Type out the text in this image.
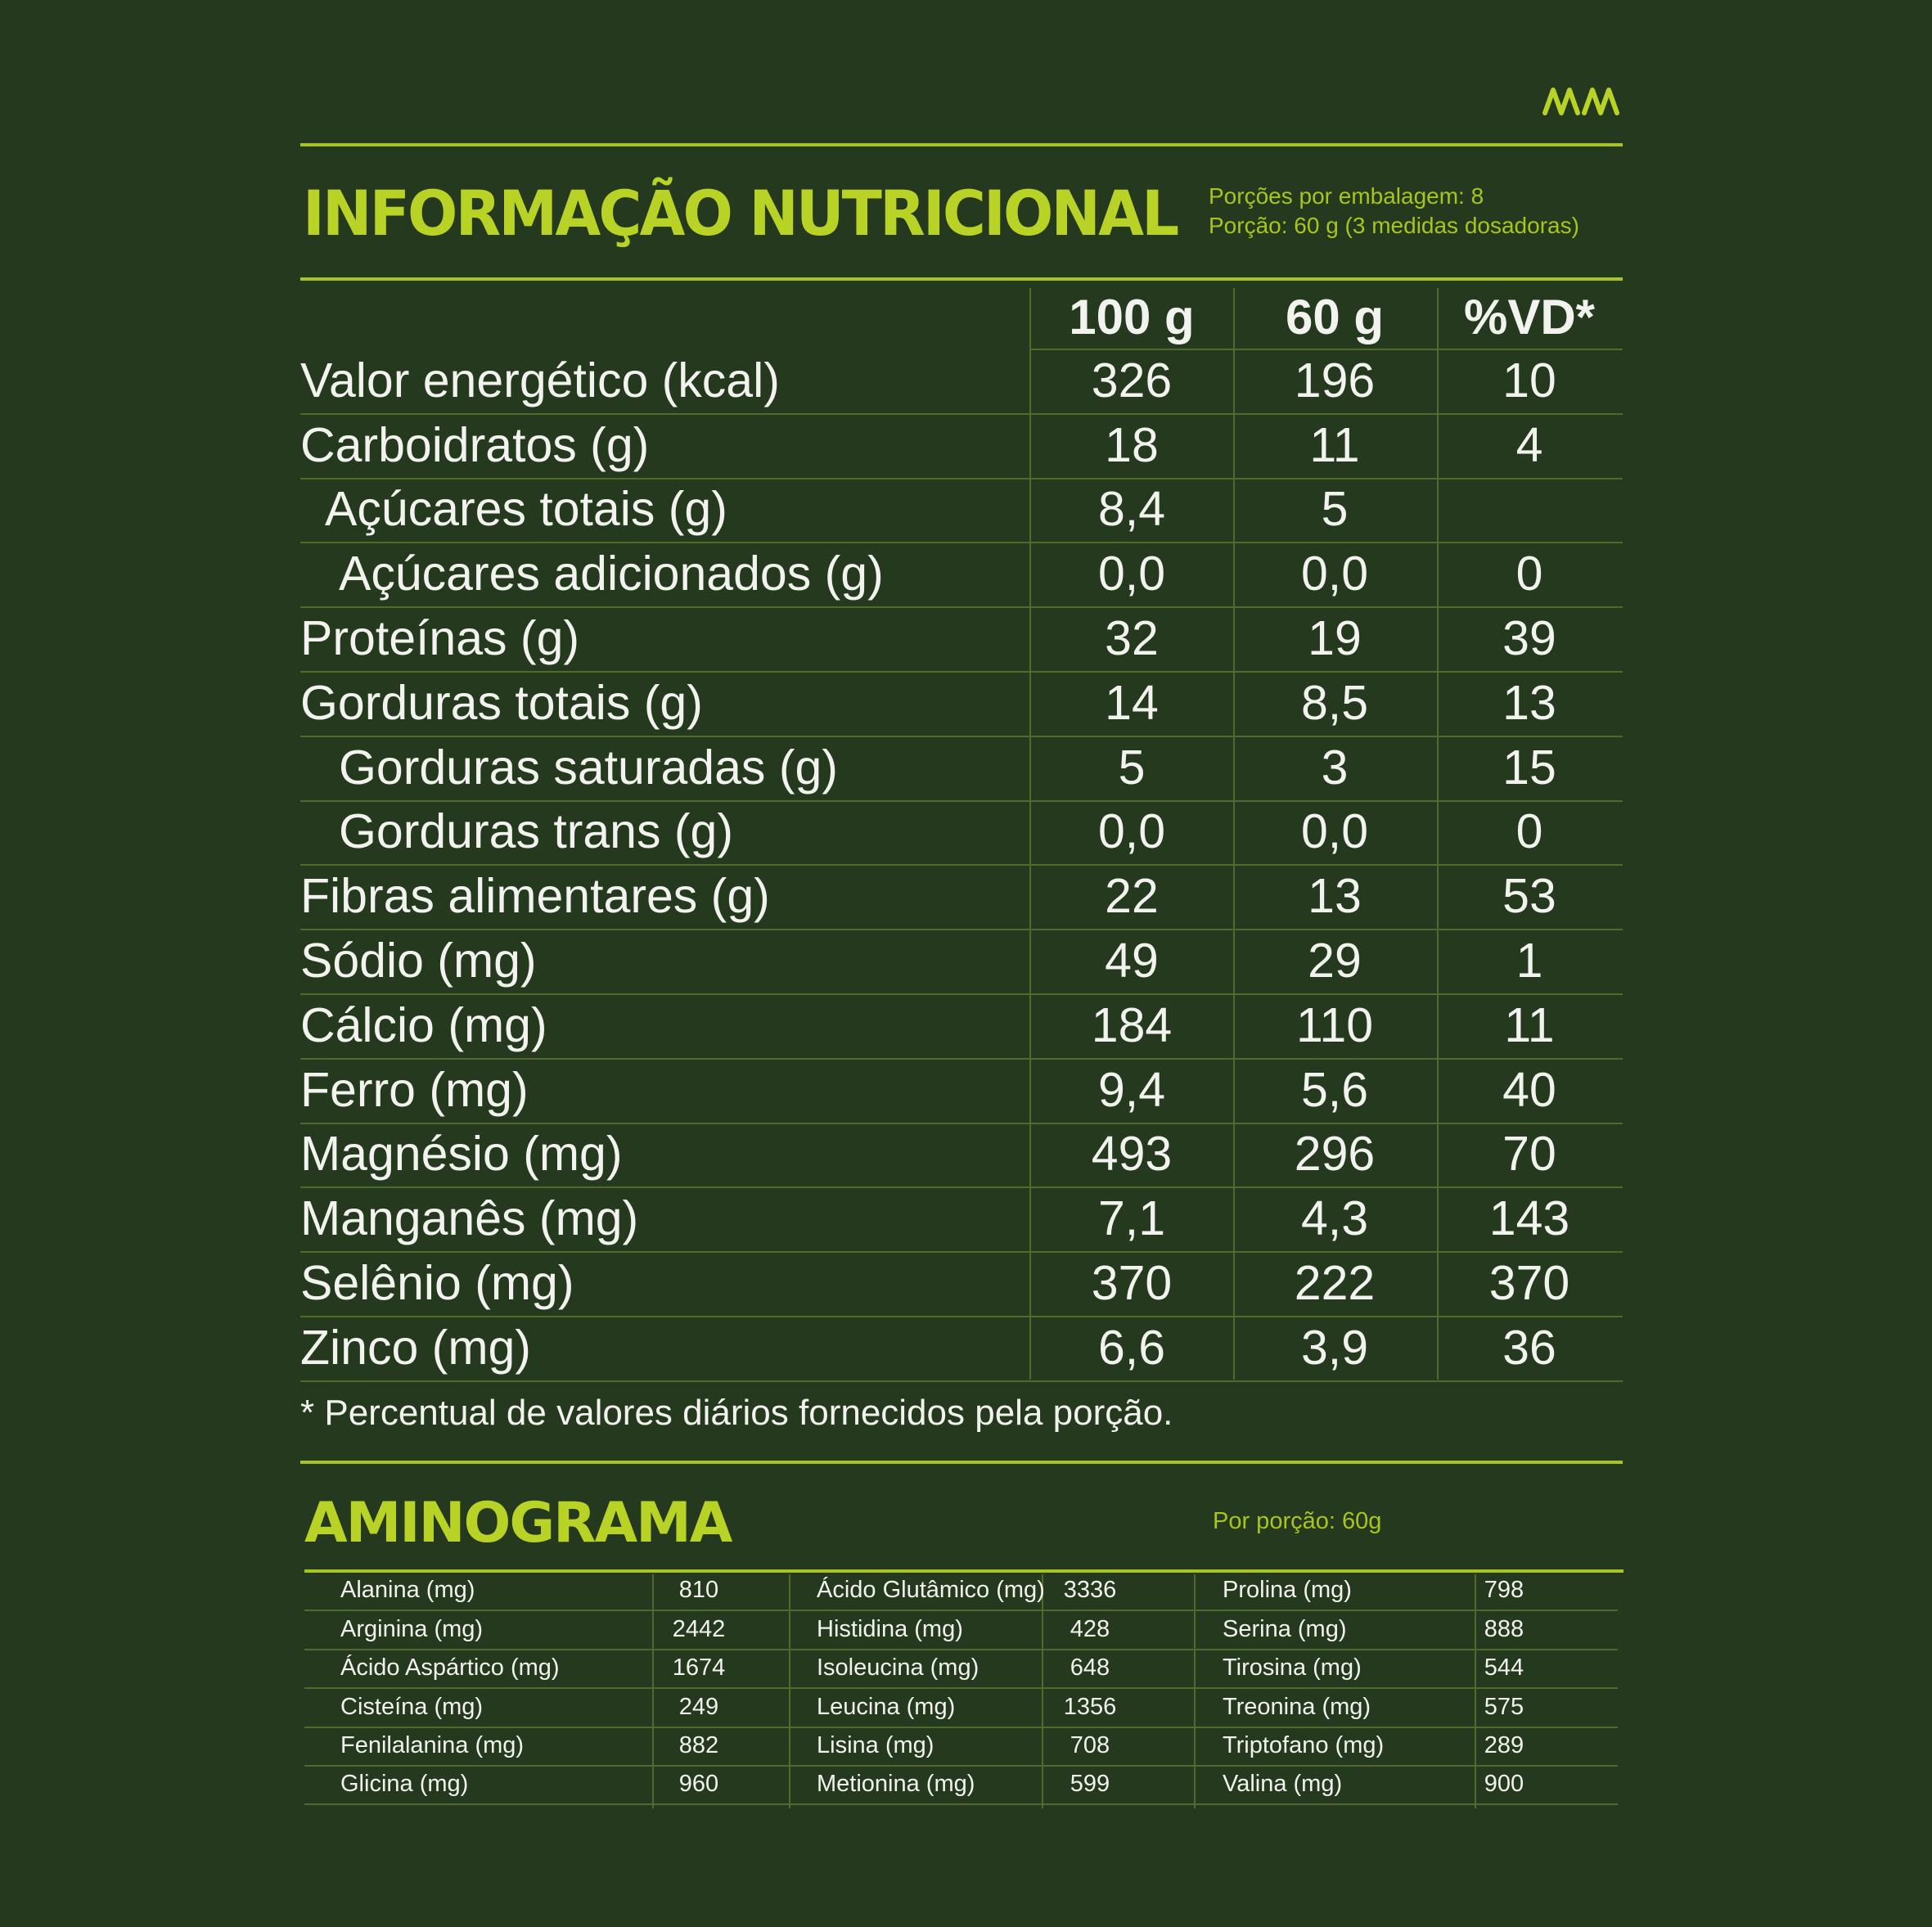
INFORMAÇÃO NUTRICIONAL Porções por embalagem: 8
Porção: 60 g (3 medidas dosadoras)
100 g	60 g	%VD*
Valor energético (kcal)	326	196	10
Carboidratos (g)	18	11	4
Açúcares totais (g)	8,4	5
Açúcares adicionados (g)	0,0	0,0	0
Proteínas (g)	32	19	39
Gorduras totais (g)	14	8,5	13
Gorduras saturadas (g)	5	3	15
Gorduras trans (g)	0,0	0,0	0
Fibras alimentares (g)	22	13	53
Sódio (mg)	49	29	1
Cálcio (mg)	184	110	11
Ferro (mg)	9,4	5,6	40
Magnésio (mg)	493	296	70
Manganês (mg)	7,1	4,3	143
Selênio (mg)	370	222	370
Zinco (mg)	6,6	3,9	36
* Percentual de valores diários fornecidos pela porção.
AMINOGRAMA	Por porção: 60g
Alanina (mg)	810	Ácido Glutâmico (mg) 3336	Prolina (mg)	798
Arginina (mg)	2442	Histidina (mg)	428	Serina (mg)	888
Ácido Aspártico (mg)	1674	Isoleucina (mg)	648	Tirosina (mg)	544
Cisteína (mg)	249	Leucina (mg)	1356	Treonina (mg)	575
Fenilalanina (mg)	882	Lisina (mg)	708	Triptofano (mg)	289
Glicina (mg)	960	Metionina (mg)	599	Valina (mg)	900
